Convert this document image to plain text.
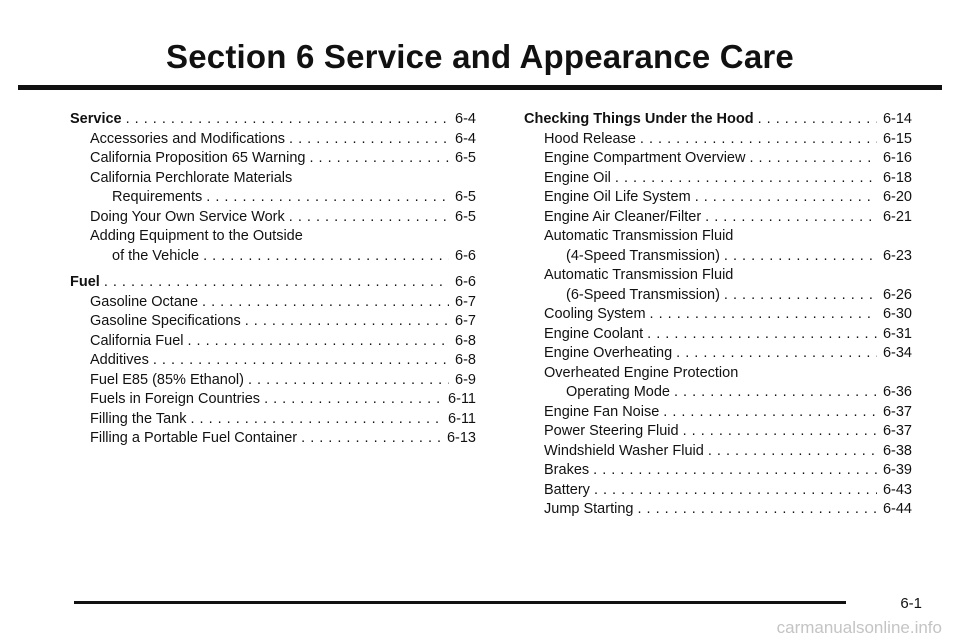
Section 6 Service and Appearance Care
Service . . .	6-4
Accessories and Modifications . . .	6-4
California Proposition 65 Warning . . .	6-5
California Perchlorate Materials
Requirements . . .	6-5
Doing Your Own Service Work . . .	6-5
Adding Equipment to the Outside
of the Vehicle . . .	6-6
Fuel . . .	6-6
Gasoline Octane . . .	6-7
Gasoline Specifications . . .	6-7
California Fuel . . .	6-8
Additives . . .	6-8
Fuel E85 (85% Ethanol) . . .	6-9
Fuels in Foreign Countries . . .	6-11
Filling the Tank . . .	6-11
Filling a Portable Fuel Container . . .	6-13
Checking Things Under the Hood . . .	6-14
Hood Release . . .	6-15
Engine Compartment Overview . . .	6-16
Engine Oil . . .	6-18
Engine Oil Life System . . .	6-20
Engine Air Cleaner/Filter . . .	6-21
Automatic Transmission Fluid
(4-Speed Transmission) . . .	6-23
Automatic Transmission Fluid
(6-Speed Transmission) . . .	6-26
Cooling System . . .	6-30
Engine Coolant . . .	6-31
Engine Overheating . . .	6-34
Overheated Engine Protection
Operating Mode . . .	6-36
Engine Fan Noise . . .	6-37
Power Steering Fluid . . .	6-37
Windshield Washer Fluid . . .	6-38
Brakes . . .	6-39
Battery . . .	6-43
Jump Starting . . .	6-44
6-1
carmanualsonline.info
